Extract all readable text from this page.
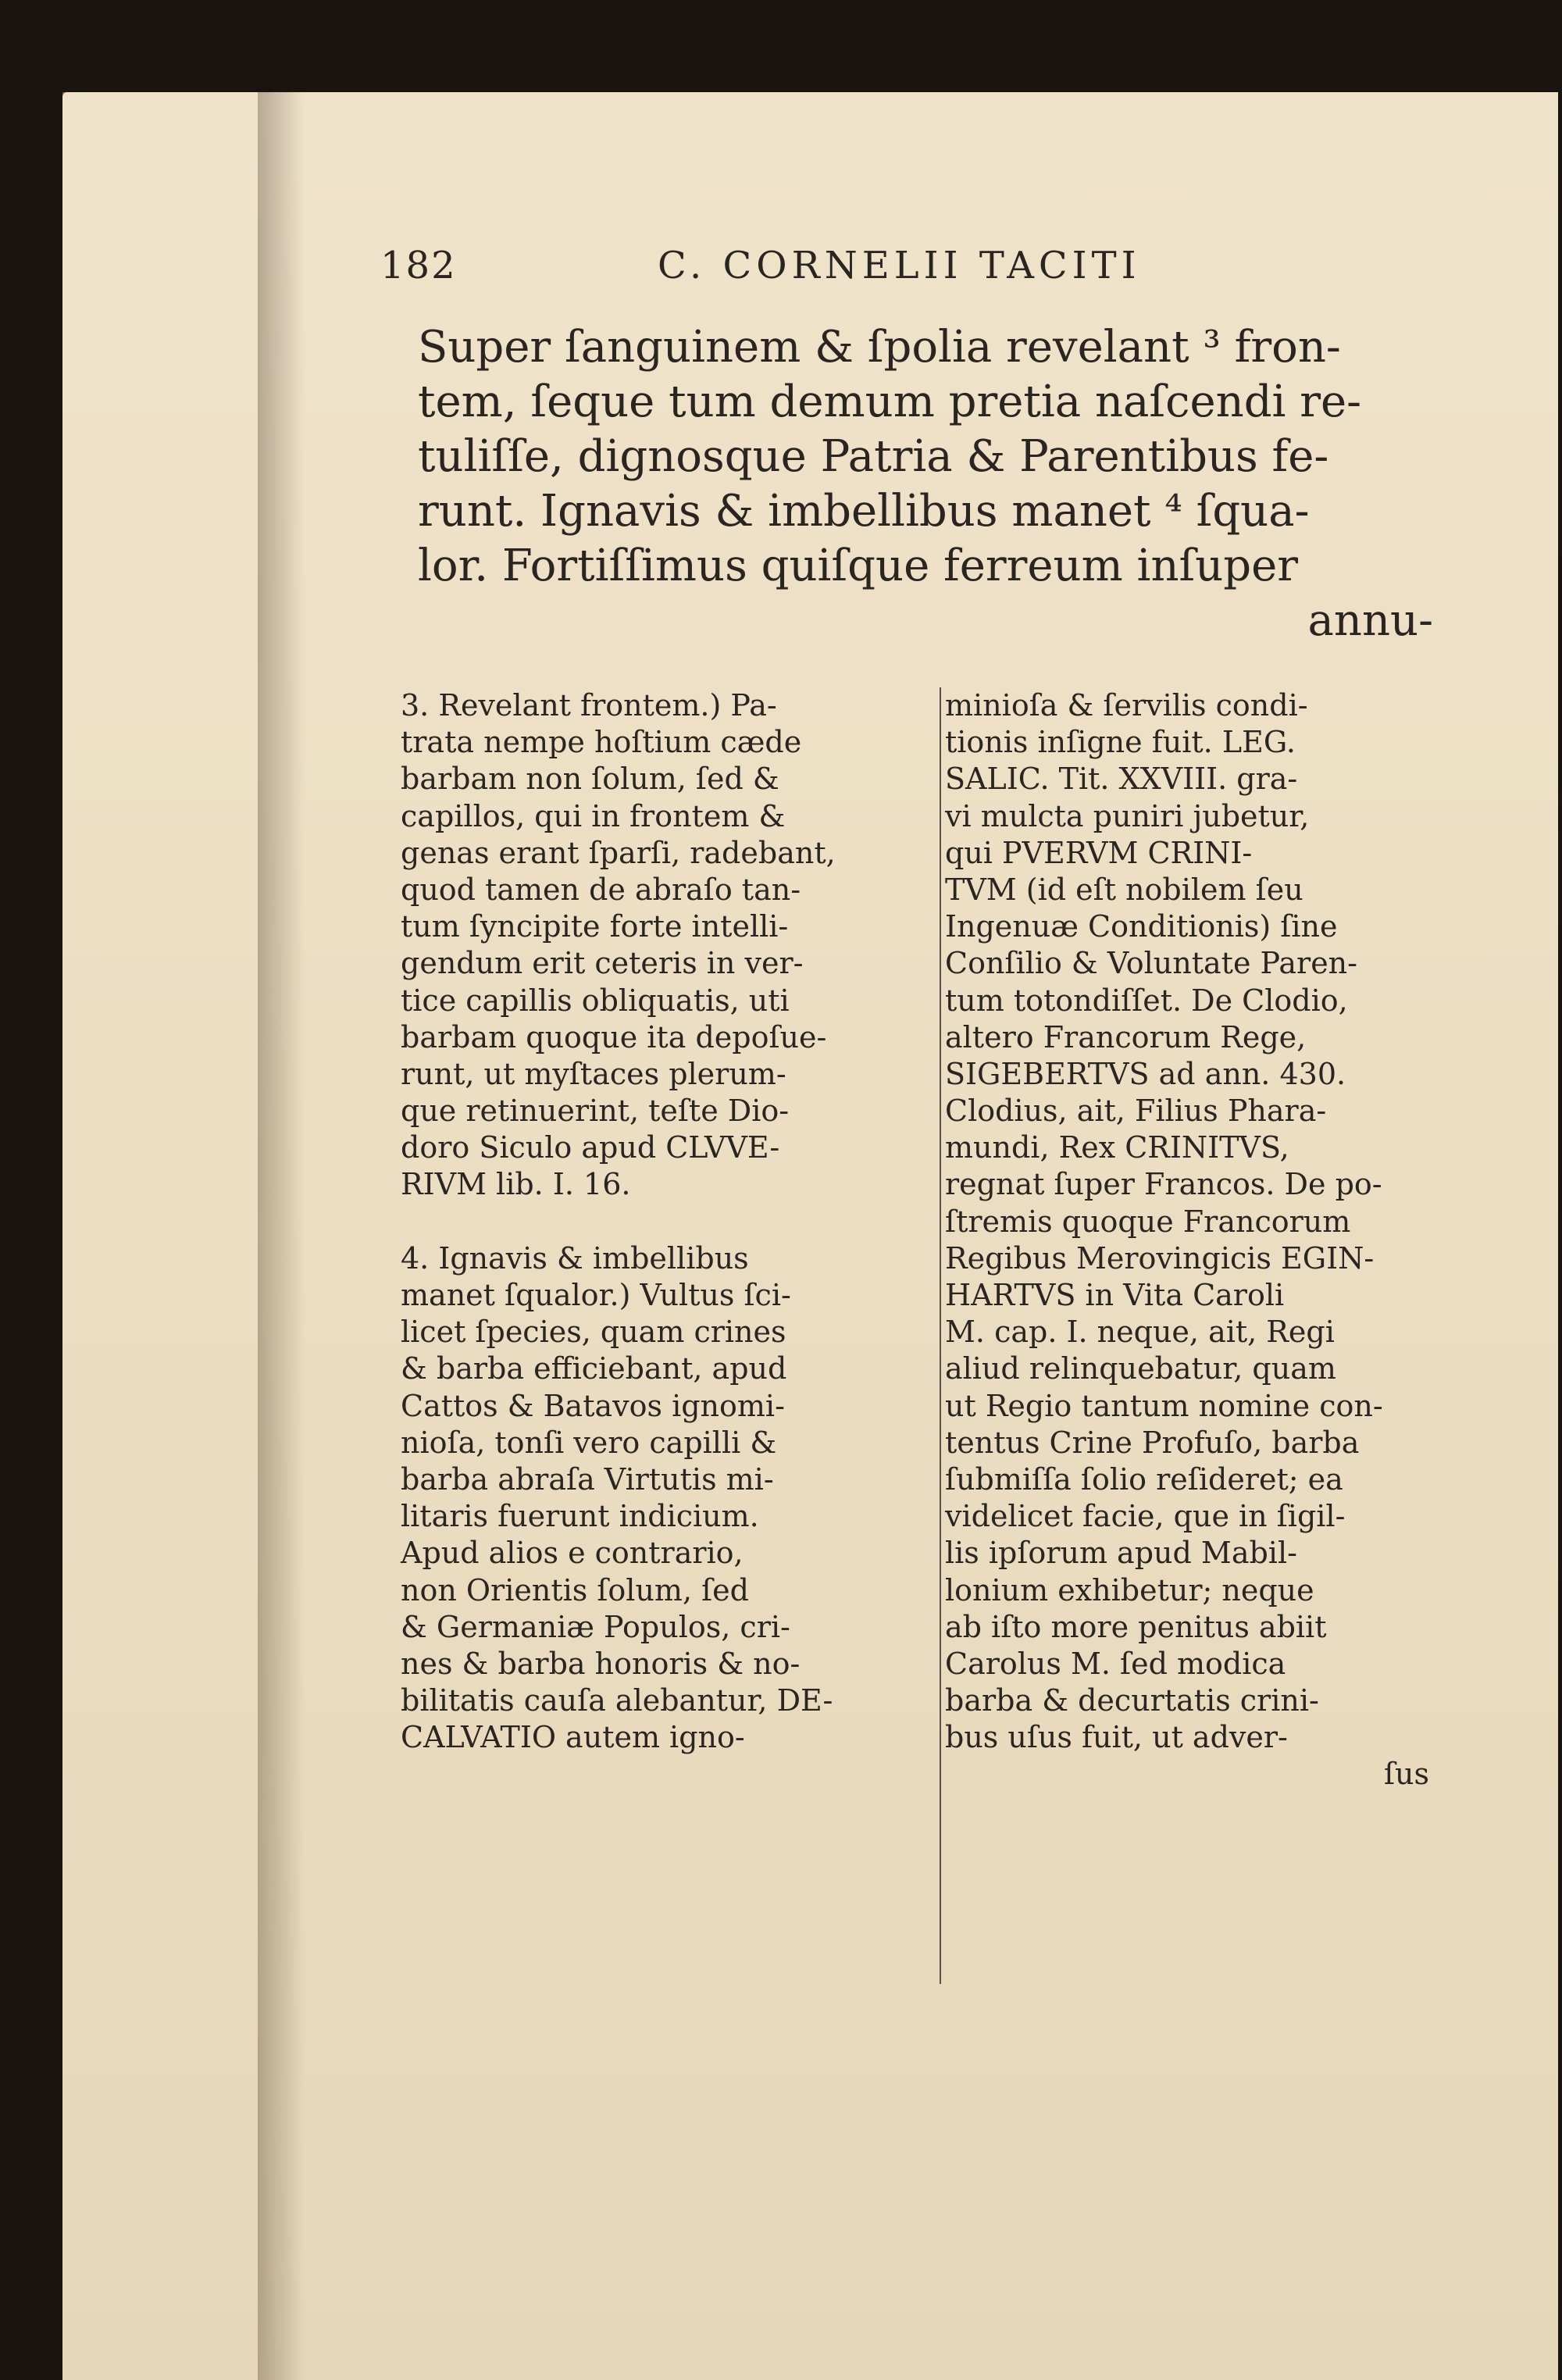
182	C. CORNELII TACITI
Super ſanguinem & ſpolia revelant ³ fron-
tem, ſeque tum demum pretia naſcendi re-
tuliſſe, dignosque Patria & Parentibus fe-
runt. Ignavis & imbellibus manet ⁴ ſqua-
lor. Fortiſſimus quiſque ferreum inſuper
annu-
3. Revelant frontem.) Pa-
trata nempe hoſtium cæde
barbam non ſolum, ſed &
capillos, qui in frontem &
genas erant ſparſi, radebant,
quod tamen de abraſo tan-
tum ſyncipite forte intelli-
gendum erit ceteris in ver-
tice capillis obliquatis, uti
barbam quoque ita depoſue-
runt, ut myſtaces plerum-
que retinuerint, teſte Dio-
doro Siculo apud CLVVE-
RIVM lib. I. 16.
4. Ignavis & imbellibus
manet ſqualor.) Vultus ſci-
licet ſpecies, quam crines
& barba efficiebant, apud
Cattos & Batavos ignomi-
nioſa, tonſi vero capilli &
barba abraſa Virtutis mi-
litaris fuerunt indicium.
Apud alios e contrario,
non Orientis ſolum, ſed
& Germaniæ Populos, cri-
nes & barba honoris & no-
bilitatis cauſa alebantur, DE-
CALVATIO autem igno-
minioſa & ſervilis condi-
tionis inſigne fuit. LEG.
SALIC. Tit. XXVIII. gra-
vi mulcta puniri jubetur,
qui PVERVM CRINI-
TVM (id eſt nobilem ſeu
Ingenuæ Conditionis) ſine
Conſilio & Voluntate Paren-
tum totondiſſet. De Clodio,
altero Francorum Rege,
SIGEBERTVS ad ann. 430.
Clodius, ait, Filius Phara-
mundi, Rex CRINITVS,
regnat ſuper Francos. De po-
ſtremis quoque Francorum
Regibus Merovingicis EGIN-
HARTVS in Vita Caroli
M. cap. I. neque, ait, Regi
aliud relinquebatur, quam
ut Regio tantum nomine con-
tentus Crine Profuſo, barba
ſubmiſſa ſolio reſideret; ea
videlicet facie, que in ſigil-
lis ipſorum apud Mabil-
lonium exhibetur; neque
ab iſto more penitus abiit
Carolus M. ſed modica
barba & decurtatis crini-
bus uſus fuit, ut adver-
ſus
